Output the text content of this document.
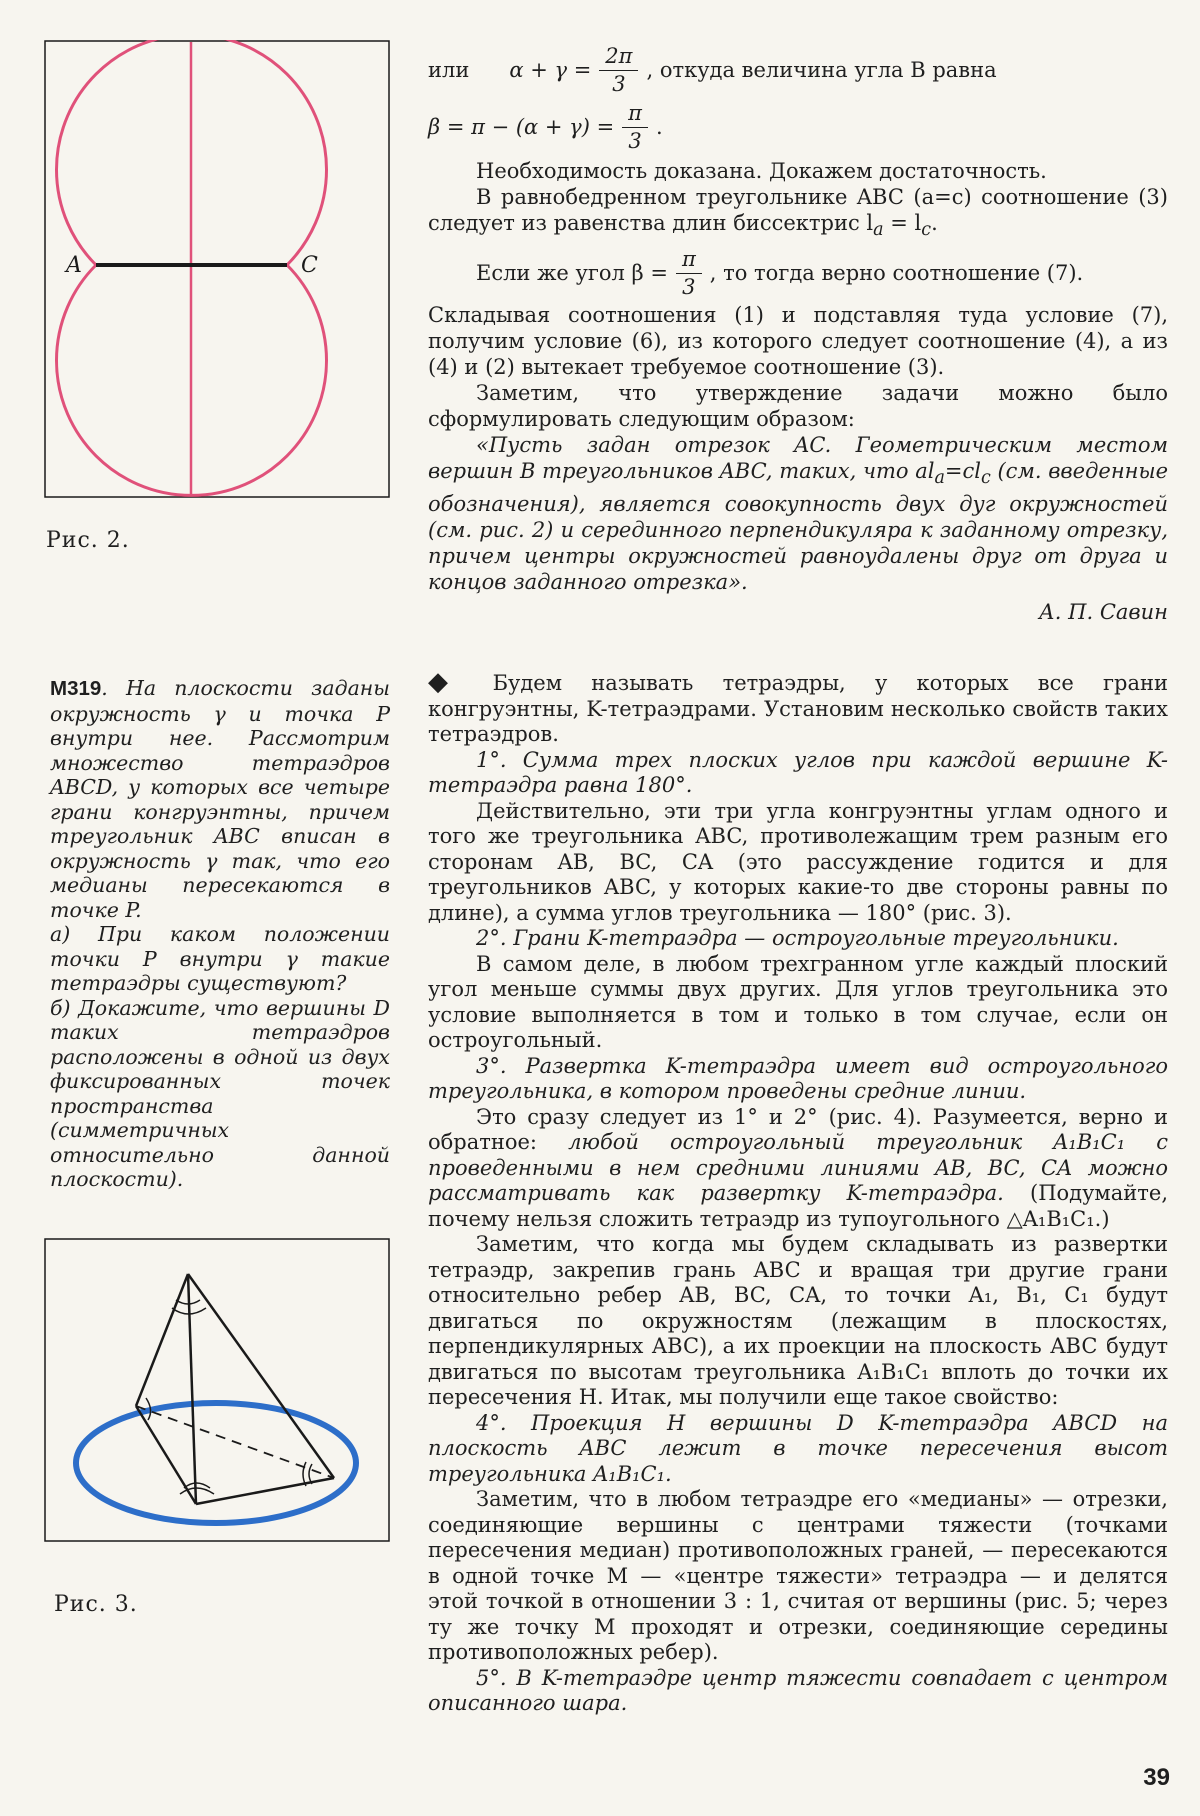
A	C
Рис. 2.
или $\alpha + \gamma = \frac{2\pi}{3}$ , откуда величина угла B равна
$\beta = \pi - (\alpha + \gamma) = \frac{\pi}{3}$ .

Необходимость доказана. Докажем достаточность.

В равнобедренном треугольнике ABC (a=c) соотношение (3) следует из равенства длин биссектрис $l_a = l_c$.

Если же угол $\beta = \frac{\pi}{3}$ , то тогда верно соотношение (7).

Складывая соотношения (1) и подставляя туда условие (7), получим условие (6), из которого следует соотношение (4), а из (4) и (2) вытекает требуемое соотношение (3).

Заметим, что утверждение задачи можно было сформулировать следующим образом:

«Пусть задан отрезок AC. Геометрическим местом вершин B треугольников ABC, таких, что $al_a=cl_c$ (см. введенные обозначения), является совокупность двух дуг окружностей (см. рис. 2) и серединного перпендикуляра к заданному отрезку, причем центры окружностей равноудалены друг от друга и концов заданного отрезка».

А. П. Савин
М319. На плоскости заданы окружность γ и точка P внутри нее. Рассмотрим множество тетраэдров ABCD, у которых все четыре грани конгруэнтны, причем треугольник ABC вписан в окружность γ так, что его медианы пересекаются в точке P.
а) При каком положении точки P внутри γ такие тетраэдры существуют?
б) Докажите, что вершины D таких тетраэдров расположены в одной из двух фиксированных точек пространства (симметричных относительно данной плоскости).
Рис. 3.

◆ Будем называть тетраэдры, у которых все грани конгруэнтны, K-тетраэдрами. Установим несколько свойств таких тетраэдров.

1°. Сумма трех плоских углов при каждой вершине K-тетраэдра равна 180°.

Действительно, эти три угла конгруэнтны углам одного и того же треугольника ABC, противолежащим трем разным его сторонам AB, BC, CA (это рассуждение годится и для треугольников ABC, у которых какие-то две стороны равны по длине), а сумма углов треугольника — 180° (рис. 3).

2°. Грани K-тетраэдра — остроугольные треугольники.

В самом деле, в любом трехгранном угле каждый плоский угол меньше суммы двух других. Для углов треугольника это условие выполняется в том и только в том случае, если он остроугольный.

3°. Развертка K-тетраэдра имеет вид остроугольного треугольника, в котором проведены средние линии.

Это сразу следует из 1° и 2° (рис. 4). Разумеется, верно и обратное: любой остроугольный треугольник A₁B₁C₁ с проведенными в нем средними линиями AB, BC, CA можно рассматривать как развертку K-тетраэдра. (Подумайте, почему нельзя сложить тетраэдр из тупоугольного △A₁B₁C₁.)

Заметим, что когда мы будем складывать из развертки тетраэдр, закрепив грань ABC и вращая три другие грани относительно ребер AB, BC, CA, то точки A₁, B₁, C₁ будут двигаться по окружностям (лежащим в плоскостях, перпендикулярных ABC), а их проекции на плоскость ABC будут двигаться по высотам треугольника A₁B₁C₁ вплоть до точки их пересечения H. Итак, мы получили еще такое свойство:

4°. Проекция H вершины D K-тетраэдра ABCD на плоскость ABC лежит в точке пересечения высот треугольника A₁B₁C₁.

Заметим, что в любом тетраэдре его «медианы» — отрезки, соединяющие вершины с центрами тяжести (точками пересечения медиан) противоположных граней, — пересекаются в одной точке M — «центре тяжести» тетраэдра — и делятся этой точкой в отношении 3 : 1, считая от вершины (рис. 5; через ту же точку M проходят и отрезки, соединяющие середины противоположных ребер).

5°. В K-тетраэдре центр тяжести совпадает с центром описанного шара.

39
